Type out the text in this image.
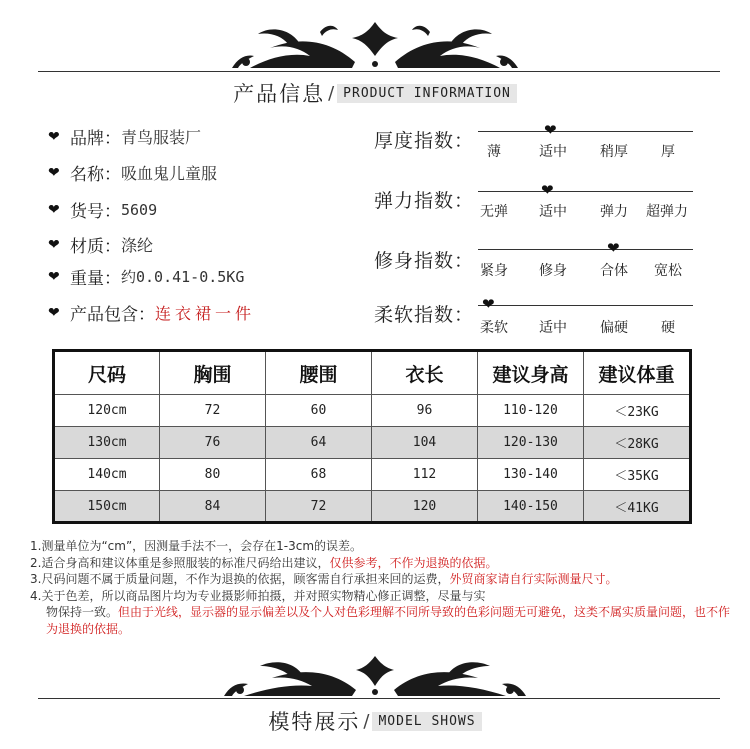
产品信息 / PRODUCT INFORMATION
❤ 品牌： 青鸟服装厂
❤ 名称： 吸血鬼儿童服
❤ 货号： 5609
❤ 材质： 涤纶
❤ 重量： 约0.0.41-0.5KG
❤ 产品包含： 连衣裙一件
厚度指数：	❤
薄	适中 稍厚 厚
弹力指数：	❤
无弹 适中 弹力 超弹力
修身指数：
❤
紧身 修身 合体 宽松
柔软指数： ❤
柔软 适中 偏硬 硬
尺码	胸围	腰围	衣长	建议身高	建议体重
120cm	72	60	96	110-120	＜23KG
130cm	76	64	104	120-130	＜28KG
140cm	80	68	112	130-140	＜35KG
150cm	84	72	120	140-150	＜41KG
1.测量单位为“cm”，因测量手法不一，会存在1-3cm的误差。
2.适合身高和建议体重是参照服装的标准尺码给出建议，仅供参考，不作为退换的依据。
3.尺码问题不属于质量问题，不作为退换的依据，顾客需自行承担来回的运费，外贸商家请自行实际测量尺寸。
4.关于色差，所以商品图片均为专业摄影师拍摄，并对照实物精心修正调整，尽量与实
物保持一致。但由于光线，显示器的显示偏差以及个人对色彩理解不同所导致的色彩问题无可避免，这类不属实质量问题，也不作为退换的依据。
模特展示 / MODEL SHOWS
